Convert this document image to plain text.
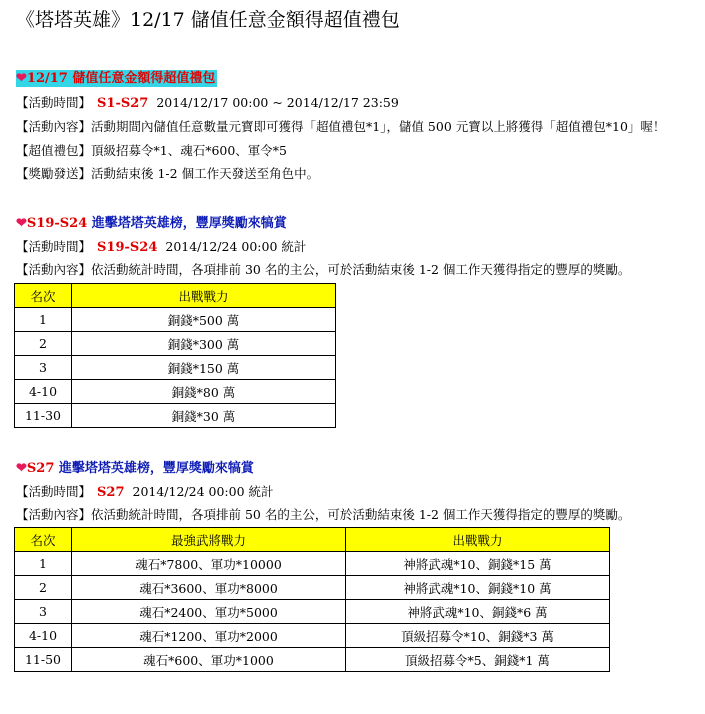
《塔塔英雄》12/17 儲值任意金額得超值禮包
❤12/17 儲值任意金額得超值禮包
【活動時間】 S1-S27 2014/12/17 00:00 ~ 2014/12/17 23:59
【活動內容】活動期間內儲值任意數量元寶即可獲得「超值禮包*1」，儲值 500 元寶以上將獲得「超值禮包*10」喔！
【超值禮包】頂級招募令*1、魂石*600、軍令*5
【獎勵發送】活動結束後 1-2 個工作天發送至角色中。
❤S19-S24 進擊塔塔英雄榜，豐厚獎勵來犒賞
【活動時間】 S19-S24 2014/12/24 00:00 統計
【活動內容】依活動統計時間，各項排前 30 名的主公，可於活動結束後 1-2 個工作天獲得指定的豐厚的獎勵。
名次	出戰戰力
1	銅錢*500 萬
2	銅錢*300 萬
3	銅錢*150 萬
4-10	銅錢*80 萬
11-30	銅錢*30 萬
❤S27 進擊塔塔英雄榜，豐厚獎勵來犒賞
【活動時間】 S27 2014/12/24 00:00 統計
【活動內容】依活動統計時間，各項排前 50 名的主公，可於活動結束後 1-2 個工作天獲得指定的豐厚的獎勵。
名次	最強武將戰力	出戰戰力
1	魂石*7800、軍功*10000	神將武魂*10、銅錢*15 萬
2	魂石*3600、軍功*8000	神將武魂*10、銅錢*10 萬
3	魂石*2400、軍功*5000	神將武魂*10、銅錢*6 萬
4-10	魂石*1200、軍功*2000	頂級招募令*10、銅錢*3 萬
11-50	魂石*600、軍功*1000	頂級招募令*5、銅錢*1 萬
